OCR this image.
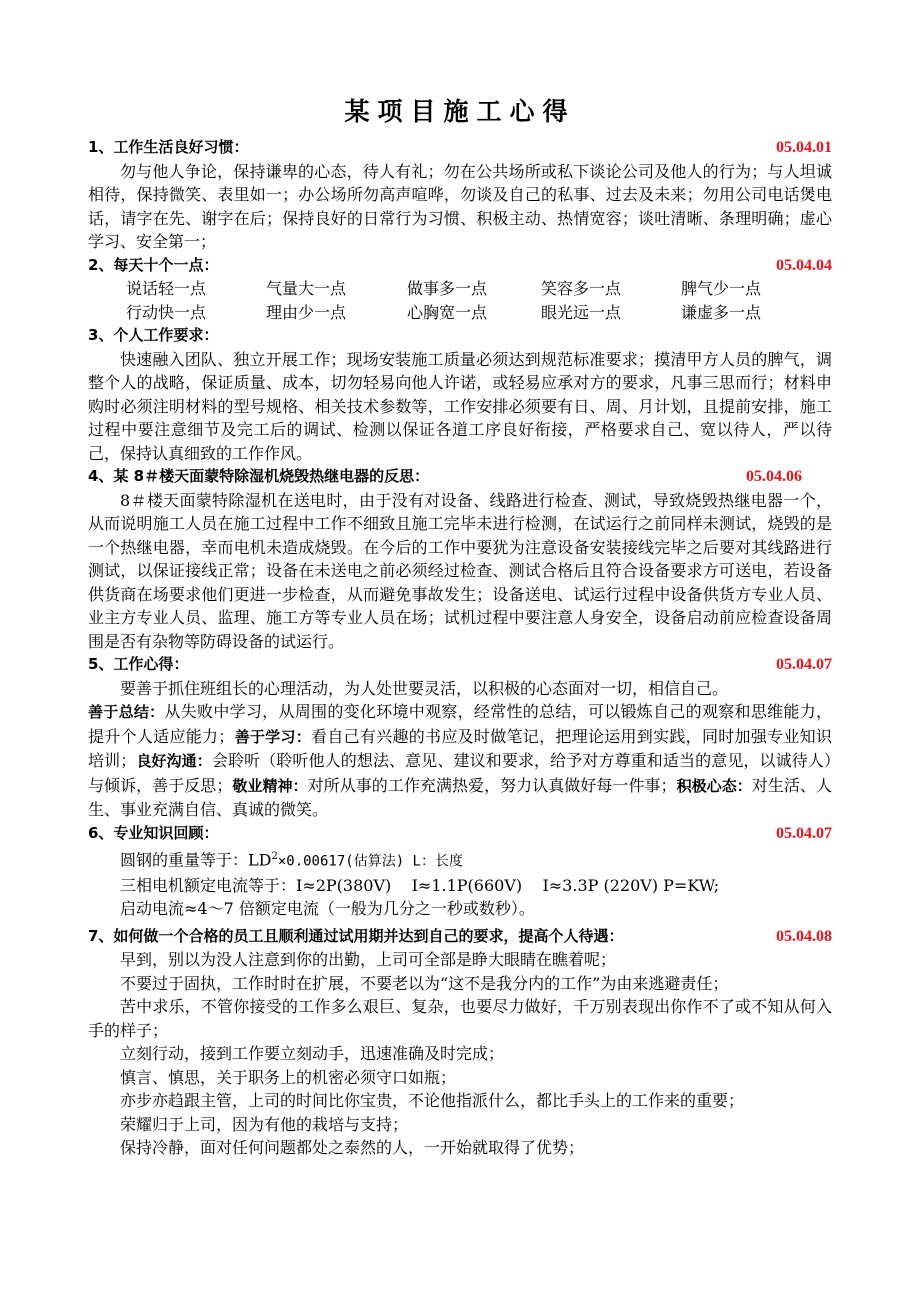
某项目施工心得
1、工作生活良好习惯：	05.04.01
勿与他人争论，保持谦卑的心态，待人有礼；勿在公共场所或私下谈论公司及他人的行为；与人坦诚相待，保持微笑、表里如一；办公场所勿高声喧哗，勿谈及自己的私事、过去及未来；勿用公司电话煲电话，请字在先、谢字在后；保持良好的日常行为习惯、积极主动、热情宽容；谈吐清晰、条理明确；虚心学习、安全第一；
2、每天十个一点：	05.04.04
说话轻一点	气量大一点	做事多一点	笑容多一点	脾气少一点
行动快一点	理由少一点	心胸宽一点	眼光远一点	谦虚多一点
3、个人工作要求：
快速融入团队、独立开展工作；现场安装施工质量必须达到规范标准要求；摸清甲方人员的脾气，调整个人的战略，保证质量、成本，切勿轻易向他人许诺，或轻易应承对方的要求，凡事三思而行；材料申购时必须注明材料的型号规格、相关技术参数等，工作安排必须要有日、周、月计划，且提前安排，施工过程中要注意细节及完工后的调试、检测以保证各道工序良好衔接，严格要求自己、宽以待人，严以待己，保持认真细致的工作作风。
4、某 8＃楼天面蒙特除湿机烧毁热继电器的反思：	05.04.06
8＃楼天面蒙特除湿机在送电时，由于没有对设备、线路进行检查、测试，导致烧毁热继电器一个，从而说明施工人员在施工过程中工作不细致且施工完毕未进行检测，在试运行之前同样未测试，烧毁的是一个热继电器，幸而电机未造成烧毁。在今后的工作中要犹为注意设备安装接线完毕之后要对其线路进行测试，以保证接线正常；设备在未送电之前必须经过检查、测试合格后且符合设备要求方可送电，若设备供货商在场要求他们更进一步检查，从而避免事故发生；设备送电、试运行过程中设备供货方专业人员、业主方专业人员、监理、施工方等专业人员在场；试机过程中要注意人身安全，设备启动前应检查设备周围是否有杂物等防碍设备的试运行。
5、工作心得：	05.04.07
要善于抓住班组长的心理活动，为人处世要灵活，以积极的心态面对一切，相信自己。
善于总结：从失败中学习，从周围的变化环境中观察，经常性的总结，可以锻炼自己的观察和思维能力，提升个人适应能力；善于学习：看自己有兴趣的书应及时做笔记，把理论运用到实践，同时加强专业知识培训；良好沟通：会聆听（聆听他人的想法、意见、建议和要求，给予对方尊重和适当的意见，以诚待人）与倾诉，善于反思；敬业精神：对所从事的工作充满热爱，努力认真做好每一件事；积极心态：对生活、人生、事业充满自信、真诚的微笑。
6、专业知识回顾：	05.04.07
圆钢的重量等于：$LD^2\times 0.00617$(估算法) L：长度
三相电机额定电流等于：I≈2P(380V)    I≈1.1P(660V)    I≈3.3P (220V) P=KW;
启动电流≈4～7 倍额定电流（一般为几分之一秒或数秒）。
7、如何做一个合格的员工且顺利通过试用期并达到自己的要求，提高个人待遇：	05.04.08
早到，别以为没人注意到你的出勤，上司可全部是睁大眼睛在瞧着呢；
不要过于固执，工作时时在扩展，不要老以为“这不是我分内的工作”为由来逃避责任；
苦中求乐，不管你接受的工作多么艰巨、复杂，也要尽力做好，千万别表现出你作不了或不知从何入手的样子；
立刻行动，接到工作要立刻动手，迅速准确及时完成；
慎言、慎思，关于职务上的机密必须守口如瓶；
亦步亦趋跟主管，上司的时间比你宝贵，不论他指派什么，都比手头上的工作来的重要；
荣耀归于上司，因为有他的栽培与支持；
保持冷静，面对任何问题都处之泰然的人，一开始就取得了优势；
